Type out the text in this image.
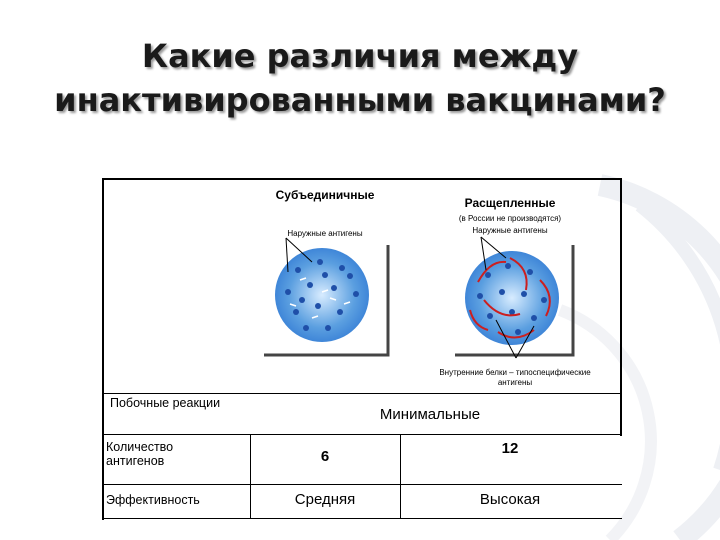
Какие различия между
инактивированными вакцинами?
Субъединичные
Расщепленные
(в России не производятся)
Наружные антигены	Наружные антигены
Внутренние белки – типоспецифические
антигены
Побочные реакции
Минимальные
Количество
антигенов	6	12
Эффективность	Средняя	Высокая
